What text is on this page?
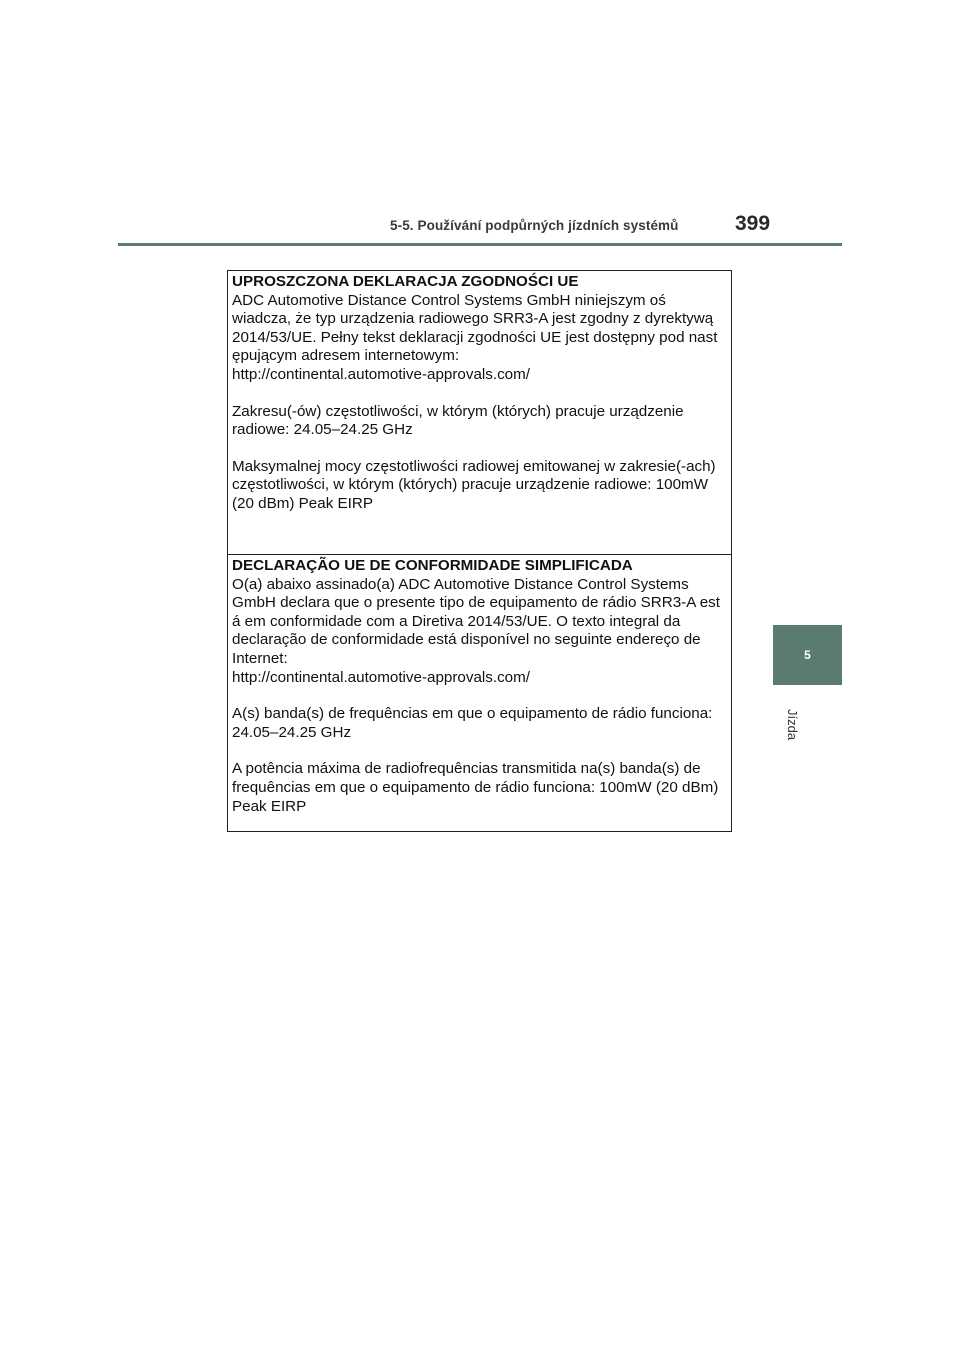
5-5. Používání podpůrných jízdních systémů	399
5
Jízda

UPROSZCZONA DEKLARACJA ZGODNOŚCI UE

ADC Automotive Distance Control Systems GmbH niniejszym oś

wiadcza, że typ urządzenia radiowego SRR3-A jest zgodny z dyrektywą

2014/53/UE. Pełny tekst deklaracji zgodności UE jest dostępny pod nast

ępującym adresem internetowym:

http://continental.automotive-approvals.com/

Zakresu(-ów) częstotliwości, w którym (których) pracuje urządzenie

radiowe: 24.05–24.25 GHz

Maksymalnej mocy częstotliwości radiowej emitowanej w zakresie(-ach)

częstotliwości, w którym (których) pracuje urządzenie radiowe: 100mW

(20 dBm) Peak EIRP

DECLARAÇÃO UE DE CONFORMIDADE SIMPLIFICADA

O(a) abaixo assinado(a) ADC Automotive Distance Control Systems

GmbH declara que o presente tipo de equipamento de rádio SRR3-A est

á em conformidade com a Diretiva 2014/53/UE. O texto integral da

declaração de conformidade está disponível no seguinte endereço de

Internet:

http://continental.automotive-approvals.com/

A(s) banda(s) de frequências em que o equipamento de rádio funciona:

24.05–24.25 GHz

A potência máxima de radiofrequências transmitida na(s) banda(s) de

frequências em que o equipamento de rádio funciona: 100mW (20 dBm)

Peak EIRP
